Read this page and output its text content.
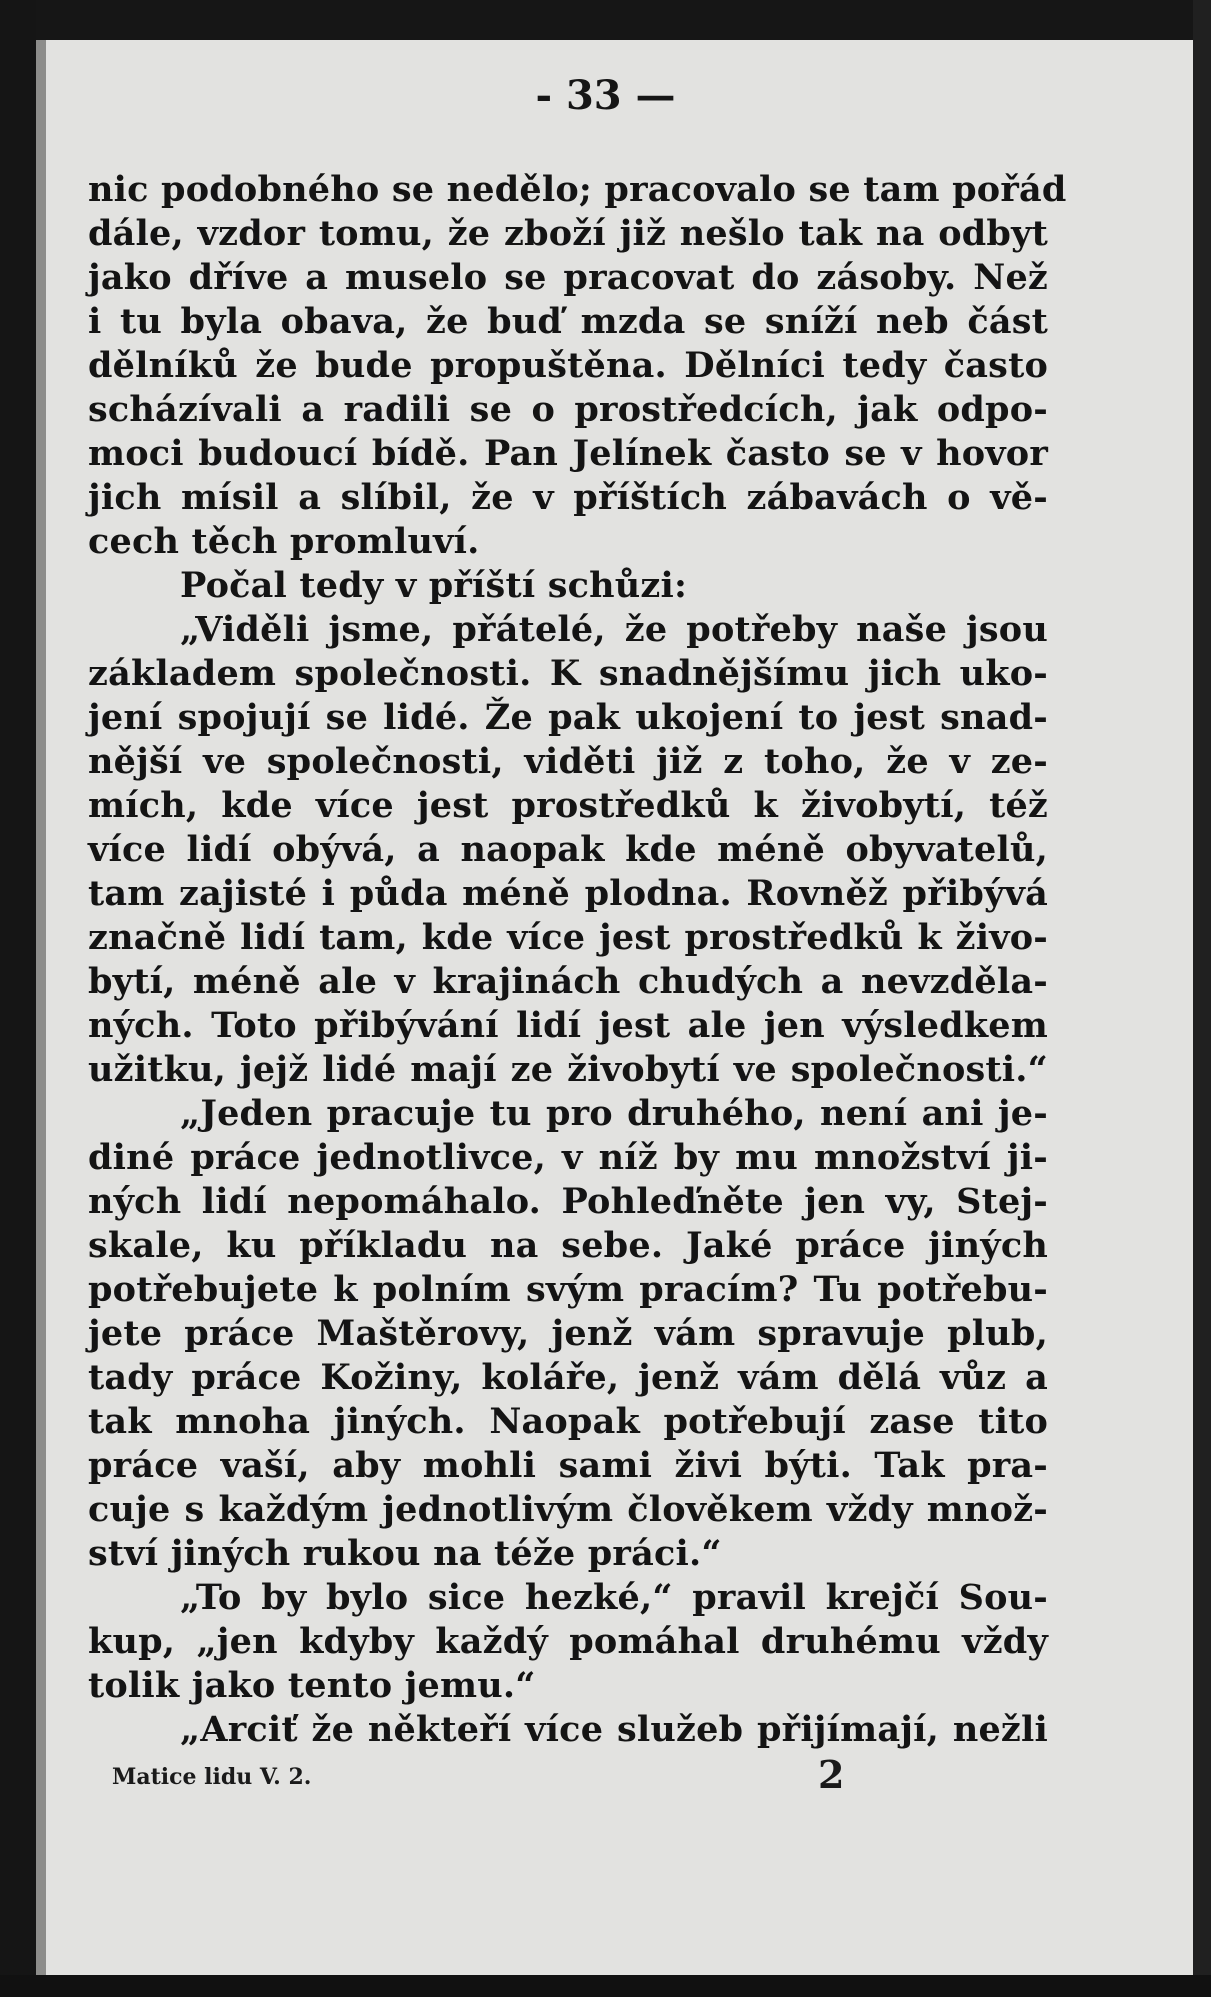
- 33 —
nic podobného se nedělo; pracovalo se tam pořád
dále, vzdor tomu, že zboží již nešlo tak na odbyt
jako dříve a muselo se pracovat do zásoby. Než
i tu byla obava, že buď mzda se sníží neb část
dělníků že bude propuštěna. Dělníci tedy často
scházívali a radili se o prostředcích, jak odpo-
moci budoucí bídě. Pan Jelínek často se v hovor
jich mísil a slíbil, že v příštích zábavách o vě-
cech těch promluví.
Počal tedy v příští schůzi:
„Viděli jsme, přátelé, že potřeby naše jsou
základem společnosti. K snadnějšímu jich uko-
jení spojují se lidé. Že pak ukojení to jest snad-
nější ve společnosti, viděti již z toho, že v ze-
mích, kde více jest prostředků k živobytí, též
více lidí obývá, a naopak kde méně obyvatelů,
tam zajisté i půda méně plodna. Rovněž přibývá
značně lidí tam, kde více jest prostředků k živo-
bytí, méně ale v krajinách chudých a nevzděla-
ných. Toto přibývání lidí jest ale jen výsledkem
užitku, jejž lidé mají ze živobytí ve společnosti.“
„Jeden pracuje tu pro druhého, není ani je-
diné práce jednotlivce, v níž by mu množství ji-
ných lidí nepomáhalo. Pohleďněte jen vy, Stej-
skale, ku příkladu na sebe. Jaké práce jiných
potřebujete k polním svým pracím? Tu potřebu-
jete práce Maštěrovy, jenž vám spravuje plub,
tady práce Kožiny, koláře, jenž vám dělá vůz a
tak mnoha jiných. Naopak potřebují zase tito
práce vaší, aby mohli sami živi býti. Tak pra-
cuje s každým jednotlivým člověkem vždy množ-
ství jiných rukou na téže práci.“
„To by bylo sice hezké,“ pravil krejčí Sou-
kup, „jen kdyby každý pomáhal druhému vždy
tolik jako tento jemu.“
„Arciť že někteří více služeb přijímají, nežli
Matice lidu V. 2.	2
